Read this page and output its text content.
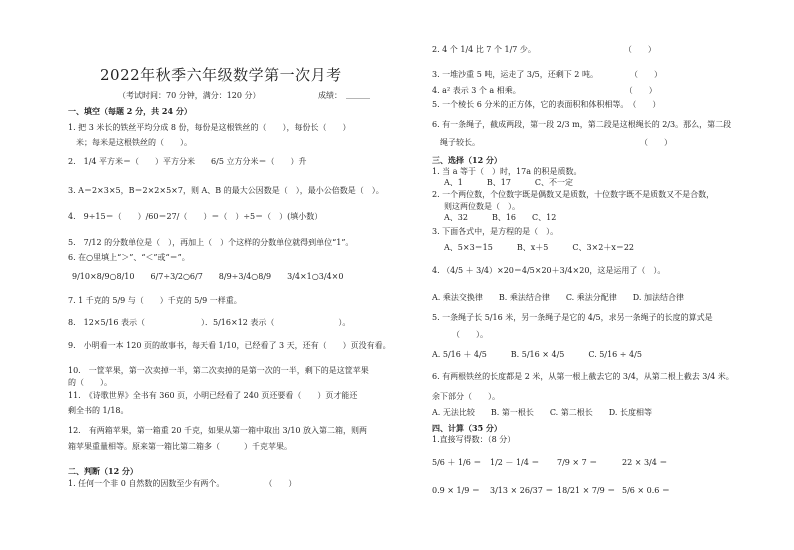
2022年秋季六年级数学第一次月考
（考试时间：70 分钟，满分：120 分）	成绩： ______
一、填空（每题 2 分，共 24 分）
1. 把 3 米长的铁丝平均分成 8 份，每份是这根铁丝的（　　），每份长（　　）
米；每米是这根铁丝的（　　）。
2.　1/4 平方米＝（　　）平方分米　　6/5 立方分米＝（　　）升
3. A＝2×3×5，B＝2×2×5×7，则 A、B 的最大公因数是（　），最小公倍数是（　）。
4.　9÷15＝（　　）/60＝27/（　　）＝（　）÷5＝（　）(填小数）
5.　7/12 的分数单位是（　），再加上（　）个这样的分数单位就得到单位“1”。
6. 在○里填上“＞”、“＜”或“＝”。
9/10×8/9○8/10　　6/7÷3/2○6/7　　8/9÷3/4○8/9　　3/4×1○3/4×0
7. 1 千克的 5/9 与（　　）千克的 5/9 一样重。
8.　12×5/16 表示（　　　　　　　）．5/16×12 表示（　　　　　　　　）。
9.　小明看一本 120 页的故事书，每天看 1/10，已经看了 3 天，还有（　　）页没有看。
10.　一筐苹果，第一次卖掉一半，第二次卖掉的是第一次的一半，剩下的是这筐苹果
的（　　）。
11.　《诗歌世界》全书有 360 页，小明已经看了 240 页还要看（　　）页才能还
剩全书的 1/18。
12.　有两箱苹果，第一箱重 20 千克，如果从第一箱中取出 3/10 放入第二箱，则两
箱苹果重量相等。原来第一箱比第二箱多（　　　）千克苹果。
二、判断（12 分）
1. 任何一个非 0 自然数的因数至少有两个。　　　　　　（　　）
2. 4 个 1/4 比 7 个 1/7 少。　　　　　　　　　　　　（　　）
3. 一堆沙重 5 吨，运走了 3/5，还剩下 2 吨。　　　　　（　　）
4. a² 表示 3 个 a 相乘。　　　　　　　　　　　　　　（　　）
5. 一个棱长 6 分米的正方体，它的表面积和体积相等。　（　　）
6. 有一条绳子，截成两段，第一段 2/3 m，第二段是这根绳长的 2/3。那么，第二段
绳子较长。　　　　　　　　　　　　　　　　　　　　　（　　）
三、选择（12 分）
1. 当 a 等于（　）时，17a 的积是质数。
A、1　　　B、17　　　C、不一定
2. 一个两位数，个位数字既是偶数又是质数，十位数字既不是质数又不是合数，
则这两位数是（　）。
A、32　　　B、16　　C、12
3. 下面各式中，是方程的是（　）。
A、5×3＝15　　　B、x＋5　　　C、3×2＋x＝22
4. （4/5 ＋ 3/4）×20＝4/5×20＋3/4×20，这是运用了（　）。
A. 乘法交换律　　B. 乘法结合律　　C. 乘法分配律　　D. 加法结合律
5. 一条绳子长 5/16 米，另一条绳子是它的 4/5，求另一条绳子的长度的算式是
（　　）。
A. 5/16 ＋ 4/5　　　B. 5/16 × 4/5　　　C. 5/16 ÷ 4/5
6. 有两根铁丝的长度都是 2 米，从第一根上截去它的 3/4，从第二根上截去 3/4 米。
余下部分（　　）。
A. 无法比较　　B. 第一根长　　C. 第二根长　　D. 长度相等
四、计算（35 分）
1.直接写得数：（8 分）
5/6 ＋ 1/6 ＝ 1/2 － 1/4 ＝ 7/9 × 7 ＝	22 × 3/4 ＝
0.9 × 1/9 ＝ 3/13 × 26/37 ＝ 18/21 × 7/9 ＝ 5/6 × 0.6 ＝
